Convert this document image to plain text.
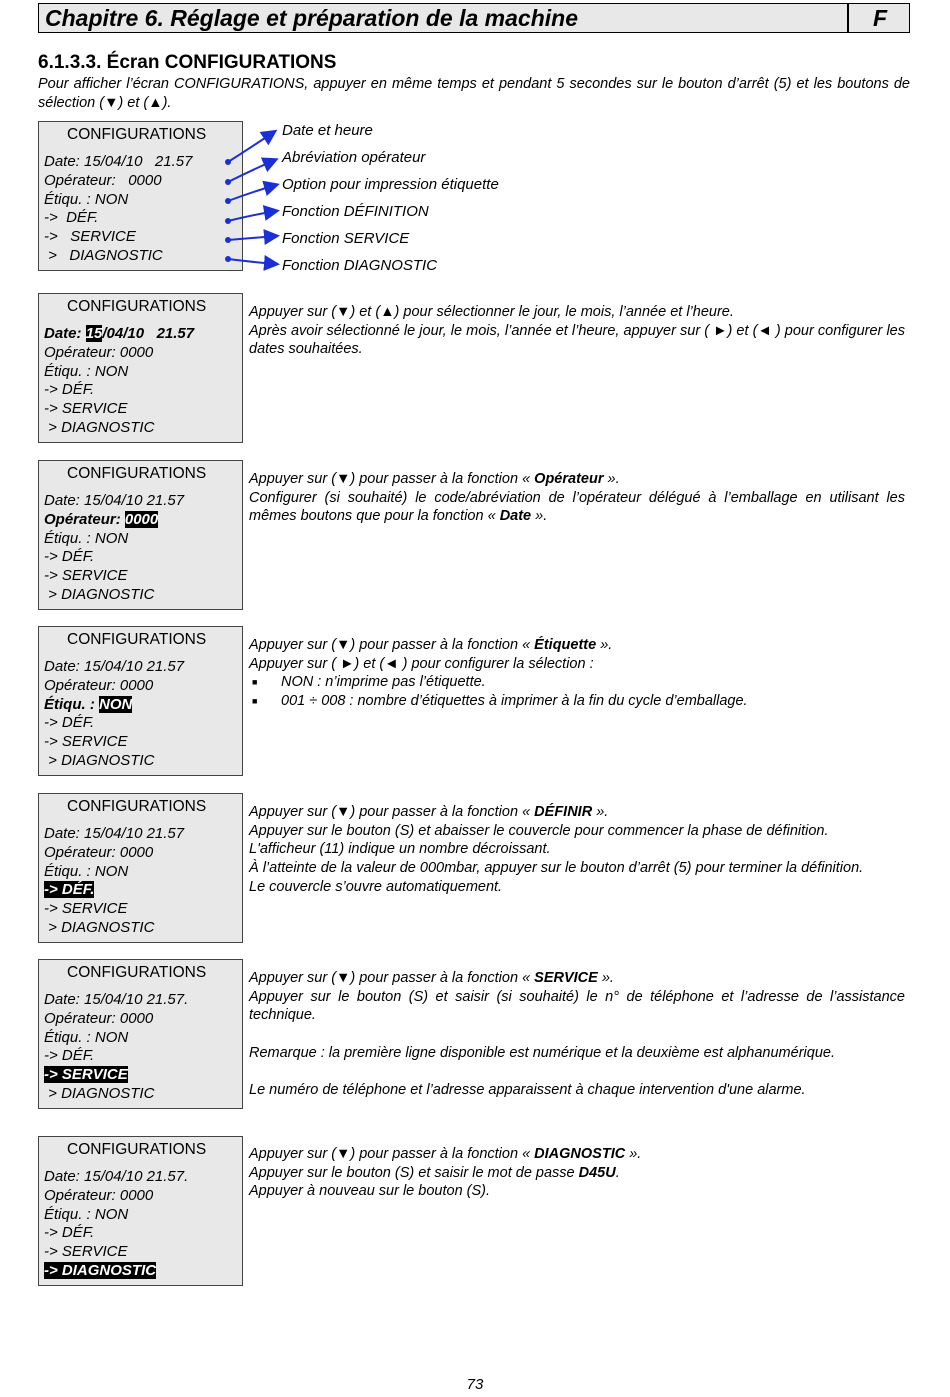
Chapitre 6. Réglage et préparation de la machine	F
6.1.3.3. Écran CONFIGURATIONS
Pour afficher l’écran CONFIGURATIONS, appuyer en même temps et pendant 5 secondes sur le bouton d’arrêt (5) et les boutons de sélection (▼) et (▲).
CONFIGURATIONS
Date: 15/04/10   21.57
Opérateur:   0000
Étiqu. : NON
->  DÉF.
->   SERVICE
>   DIAGNOSTIC
Date et heure
Abréviation opérateur
Option pour impression étiquette
Fonction DÉFINITION
Fonction SERVICE
Fonction DIAGNOSTIC
CONFIGURATIONS
Date: 15/04/10   21.57
Opérateur: 0000
Étiqu. : NON
-> DÉF.
-> SERVICE
> DIAGNOSTIC

Appuyer sur (▼) et (▲) pour sélectionner le jour, le mois, l’année et l’heure.

Après avoir sélectionné le jour, le mois, l’année et l’heure, appuyer sur ( ►) et (◄ ) pour configurer les dates souhaitées.

CONFIGURATIONS
Date: 15/04/10 21.57
Opérateur: 0000
Étiqu. : NON
-> DÉF.
-> SERVICE
> DIAGNOSTIC

Appuyer sur (▼) pour passer à la fonction « Opérateur ».

Configurer (si souhaité) le code/abréviation de l’opérateur délégué à l’emballage en utilisant les mêmes boutons que pour la fonction « Date ».

CONFIGURATIONS
Date: 15/04/10 21.57
Opérateur: 0000
Étiqu. : NON
-> DÉF.
-> SERVICE
> DIAGNOSTIC

Appuyer sur (▼) pour passer à la fonction « Étiquette ».

Appuyer sur ( ►) et (◄ ) pour configurer la sélection :

■ NON : n’imprime pas l’étiquette.

■ 001 ÷ 008 : nombre d’étiquettes à imprimer à la fin du cycle d’emballage.

CONFIGURATIONS
Date: 15/04/10 21.57
Opérateur: 0000
Étiqu. : NON
-> DÉF.
-> SERVICE
> DIAGNOSTIC

Appuyer sur (▼) pour passer à la fonction « DÉFINIR ».

Appuyer sur le bouton (S) et abaisser le couvercle pour commencer la phase de définition.

L'afficheur (11) indique un nombre décroissant.

À l’atteinte de la valeur de 000mbar, appuyer sur le bouton d’arrêt (5) pour terminer la définition.

Le couvercle s’ouvre automatiquement.

CONFIGURATIONS
Date: 15/04/10 21.57.
Opérateur: 0000
Étiqu. : NON
-> DÉF.
-> SERVICE
> DIAGNOSTIC

Appuyer sur (▼) pour passer à la fonction « SERVICE ».

Appuyer sur le bouton (S) et saisir (si souhaité) le n° de téléphone et l’adresse de l’assistance technique.

Remarque : la première ligne disponible est numérique et la deuxième est alphanumérique.

Le numéro de téléphone et l’adresse apparaissent à chaque intervention d'une alarme.

CONFIGURATIONS
Date: 15/04/10 21.57.
Opérateur: 0000
Étiqu. : NON
-> DÉF.
-> SERVICE
-> DIAGNOSTIC

Appuyer sur (▼) pour passer à la fonction « DIAGNOSTIC ».

Appuyer sur le bouton (S) et saisir le mot de passe D45U.

Appuyer à nouveau sur le bouton (S).

73
